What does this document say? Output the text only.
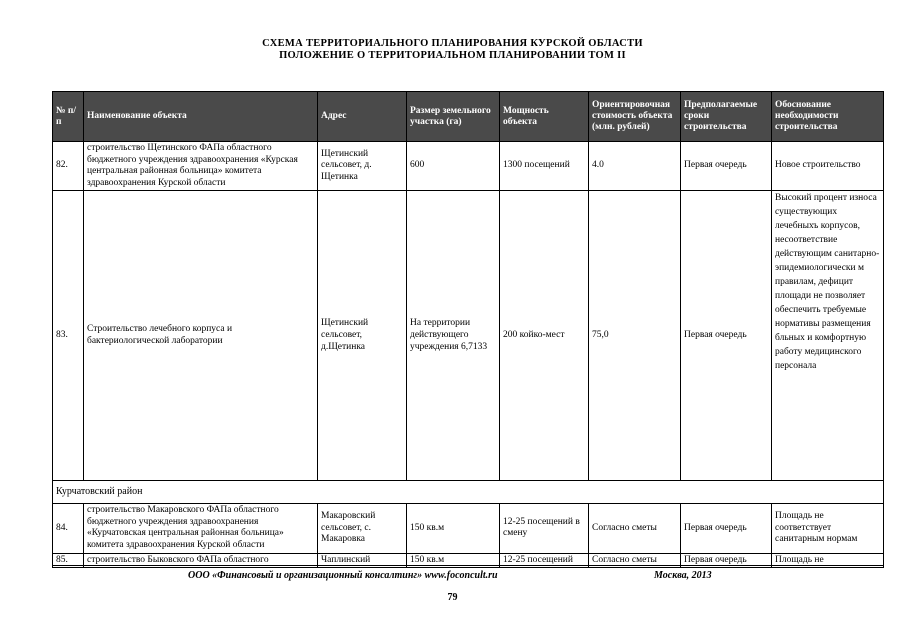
СХЕМА ТЕРРИТОРИАЛЬНОГО ПЛАНИРОВАНИЯ КУРСКОЙ ОБЛАСТИ
ПОЛОЖЕНИЕ О ТЕРРИТОРИАЛЬНОМ ПЛАНИРОВАНИИ ТОМ II
№ п/п	Наименование объекта	Адрес	Размер земельного участка (га)	Мощность объекта	Ориентировочная стоимость объекта (млн. рублей)	Предполагаемые сроки строительства	Обоснование необходимости строительства
82.	строительство Щетинского ФАПа областного бюджетного учреждения здравоохранения «Курская центральная районная больница» комитета здравоохранения Курской области	Щетинский сельсовет, д. Щетинка	600	1300 посещений	4.0	Первая очередь	Новое строительство
83.	Строительство лечебного корпуса и бактериологической лаборатории	Щетинский сельсовет, д.Щетинка	На территории действующего учреждения 6,7133	200 койко-мест	75,0	Первая очередь	Высокий процент износа существующих лечебныхъ корпусов, несоответствие действующим санитарно-эпидемиологически м правилам, дефицит площади не позволяет обеспечить требуемые нормативы размещения бльных и комфортную работу медицинского персонала
Курчатовский район							
84.	строительство Макаровского ФАПа областного бюджетного учреждения здравоохранения «Курчатовская центральная районная больница» комитета здравоохранения Курской области	Макаровский сельсовет, с. Макаровка	150 кв.м	12-25 посещений в смену	Согласно сметы	Первая очередь	Площадь не соответствует санитарным нормам
85.	строительство Быковского ФАПа областного	Чаплинский	150 кв.м	12-25 посещений	Согласно сметы	Первая очередь	Площадь не
ООО «Финансовый и организационный консалтинг» www.foconcult.ru	Москва, 2013
79
